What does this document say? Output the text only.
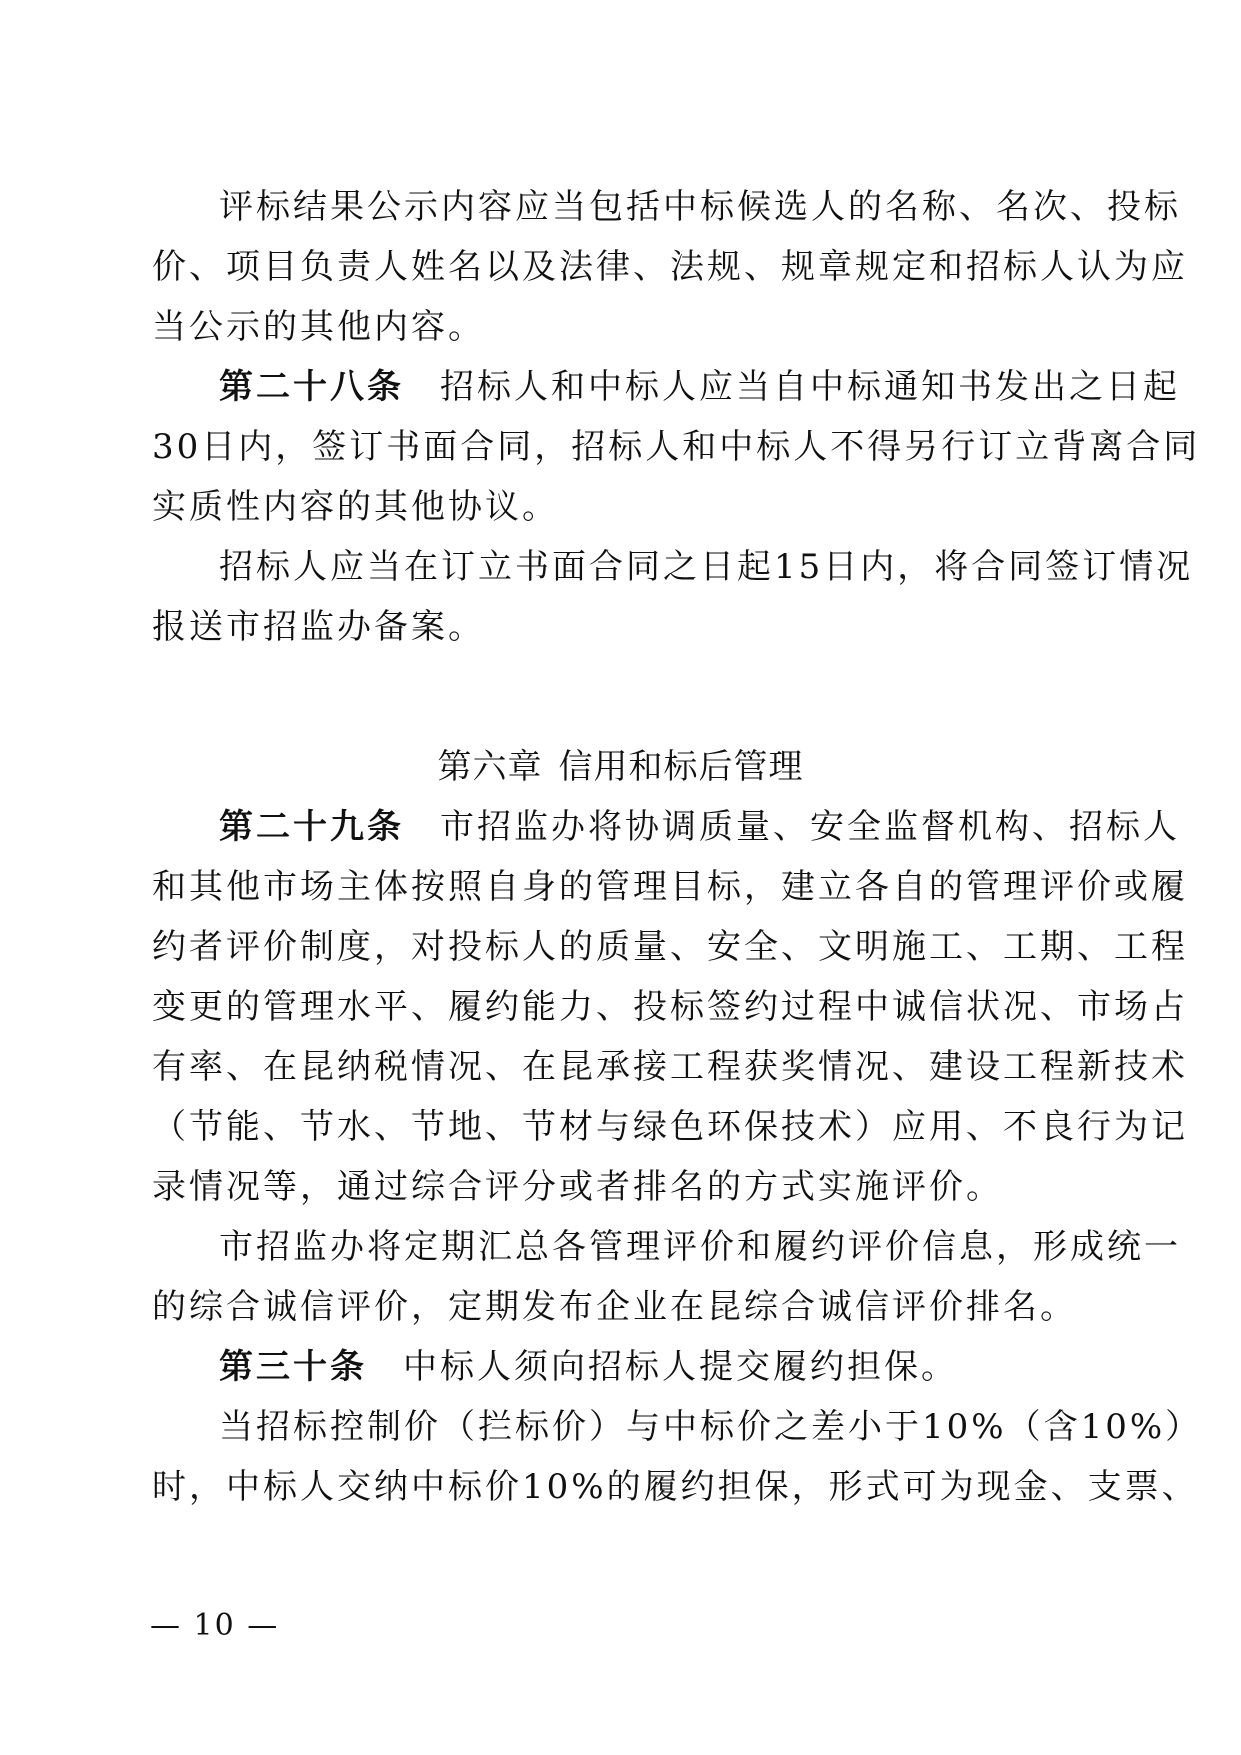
评标结果公示内容应当包括中标候选人的名称、名次、投标
价、项目负责人姓名以及法律、法规、规章规定和招标人认为应
当公示的其他内容。
第二十八条 招标人和中标人应当自中标通知书发出之日起
30日内，签订书面合同，招标人和中标人不得另行订立背离合同
实质性内容的其他协议。
招标人应当在订立书面合同之日起15日内，将合同签订情况
报送市招监办备案。
第六章 信用和标后管理
第二十九条 市招监办将协调质量、安全监督机构、招标人
和其他市场主体按照自身的管理目标，建立各自的管理评价或履
约者评价制度，对投标人的质量、安全、文明施工、工期、工程
变更的管理水平、履约能力、投标签约过程中诚信状况、市场占
有率、在昆纳税情况、在昆承接工程获奖情况、建设工程新技术
（节能、节水、节地、节材与绿色环保技术）应用、不良行为记
录情况等，通过综合评分或者排名的方式实施评价。
市招监办将定期汇总各管理评价和履约评价信息，形成统一
的综合诚信评价，定期发布企业在昆综合诚信评价排名。
第三十条 中标人须向招标人提交履约担保。
当招标控制价（拦标价）与中标价之差小于10%（含10%）
时，中标人交纳中标价10%的履约担保，形式可为现金、支票、
— 10 —
